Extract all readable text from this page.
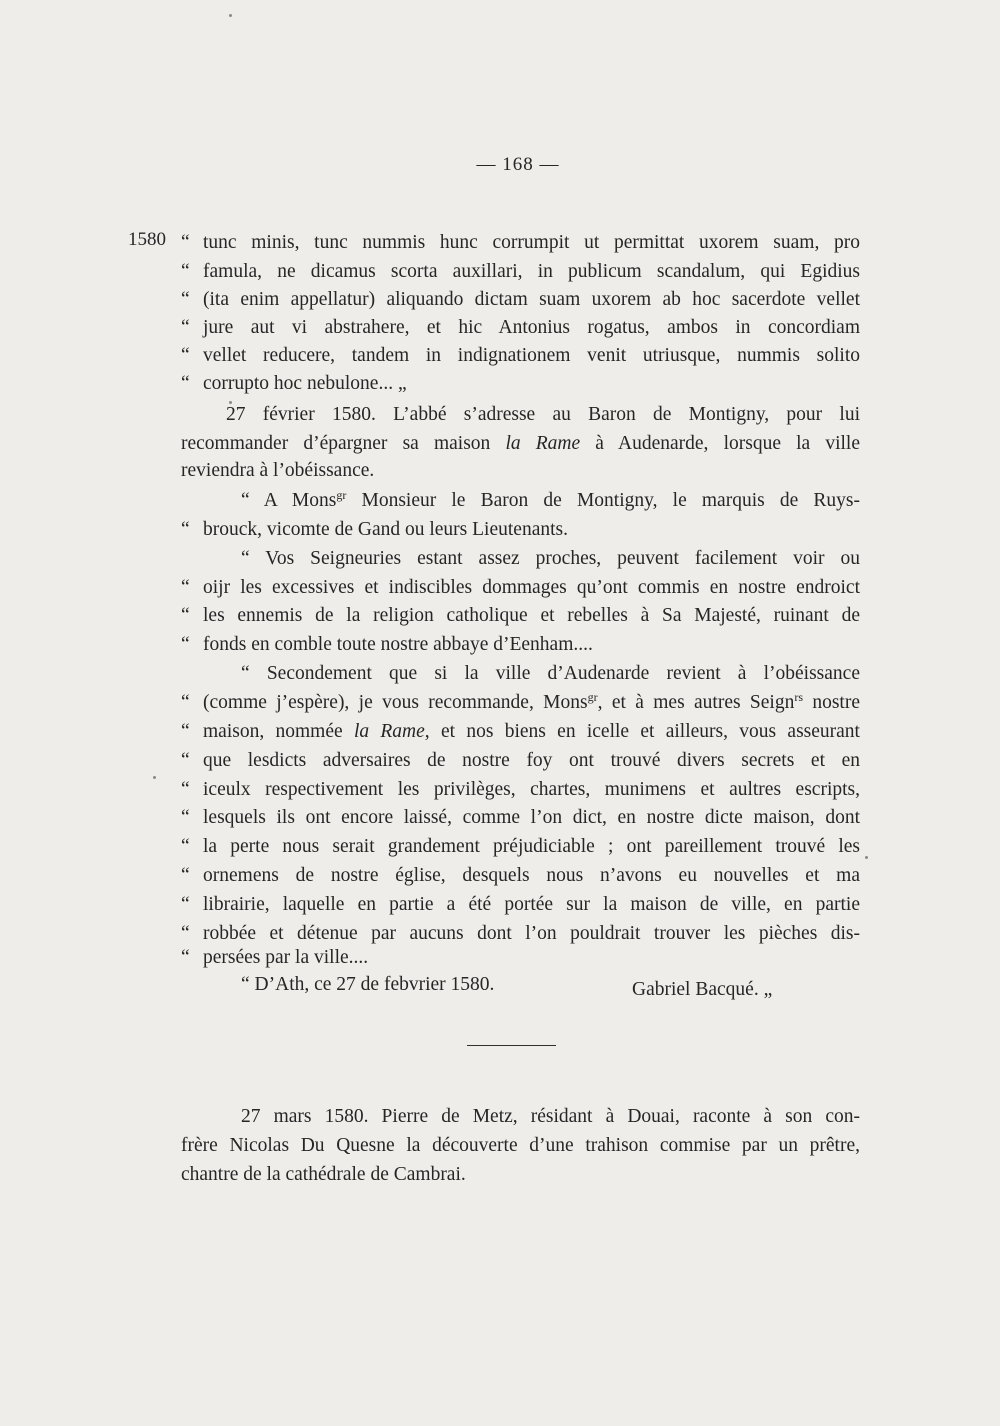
— 168 —
1580 “ tunc minis, tunc nummis hunc corrumpit ut permittat uxorem suam, pro
“ famula, ne dicamus scorta auxillari, in publicum scandalum, qui Egidius
“ (ita enim appellatur) aliquando dictam suam uxorem ab hoc sacerdote vellet
“ jure aut vi abstrahere, et hic Antonius rogatus, ambos in concordiam
“ vellet reducere, tandem in indignationem venit utriusque, nummis solito
“ corrupto hoc nebulone... „
27 février 1580. L’abbé s’adresse au Baron de Montigny, pour lui
recommander d’épargner sa maison la Rame à Audenarde, lorsque la ville
reviendra à l’obéissance.
“ A Mons$^{gr}$ Monsieur le Baron de Montigny, le marquis de Ruys-
“ brouck, vicomte de Gand ou leurs Lieutenants.
“ Vos Seigneuries estant assez proches, peuvent facilement voir ou
“ oijr les excessives et indiscibles dommages qu’ont commis en nostre endroict
“ les ennemis de la religion catholique et rebelles à Sa Majesté, ruinant de
“ fonds en comble toute nostre abbaye d’Eenham....
“ Secondement que si la ville d’Audenarde revient à l’obéissance
“ (comme j’espère), je vous recommande, Mons$^{gr}$, et à mes autres Seign$^{rs}$ nostre
“ maison, nommée la Rame, et nos biens en icelle et ailleurs, vous asseurant
“ que lesdicts adversaires de nostre foy ont trouvé divers secrets et en
“ iceulx respectivement les privilèges, chartes, munimens et aultres escripts,
“ lesquels ils ont encore laissé, comme l’on dict, en nostre dicte maison, dont
“ la perte nous serait grandement préjudiciable ; ont pareillement trouvé les
“ ornemens de nostre église, desquels nous n’avons eu nouvelles et ma
“ librairie, laquelle en partie a été portée sur la maison de ville, en partie
“ robbée et détenue par aucuns dont l’on pouldrait trouver les pièches dis-
“ persées par la ville....
“ D’Ath, ce 27 de febvrier 1580.	Gabriel Bacqué. „
27 mars 1580. Pierre de Metz, résidant à Douai, raconte à son con-
frère Nicolas Du Quesne la découverte d’une trahison commise par un prêtre,
chantre de la cathédrale de Cambrai.
